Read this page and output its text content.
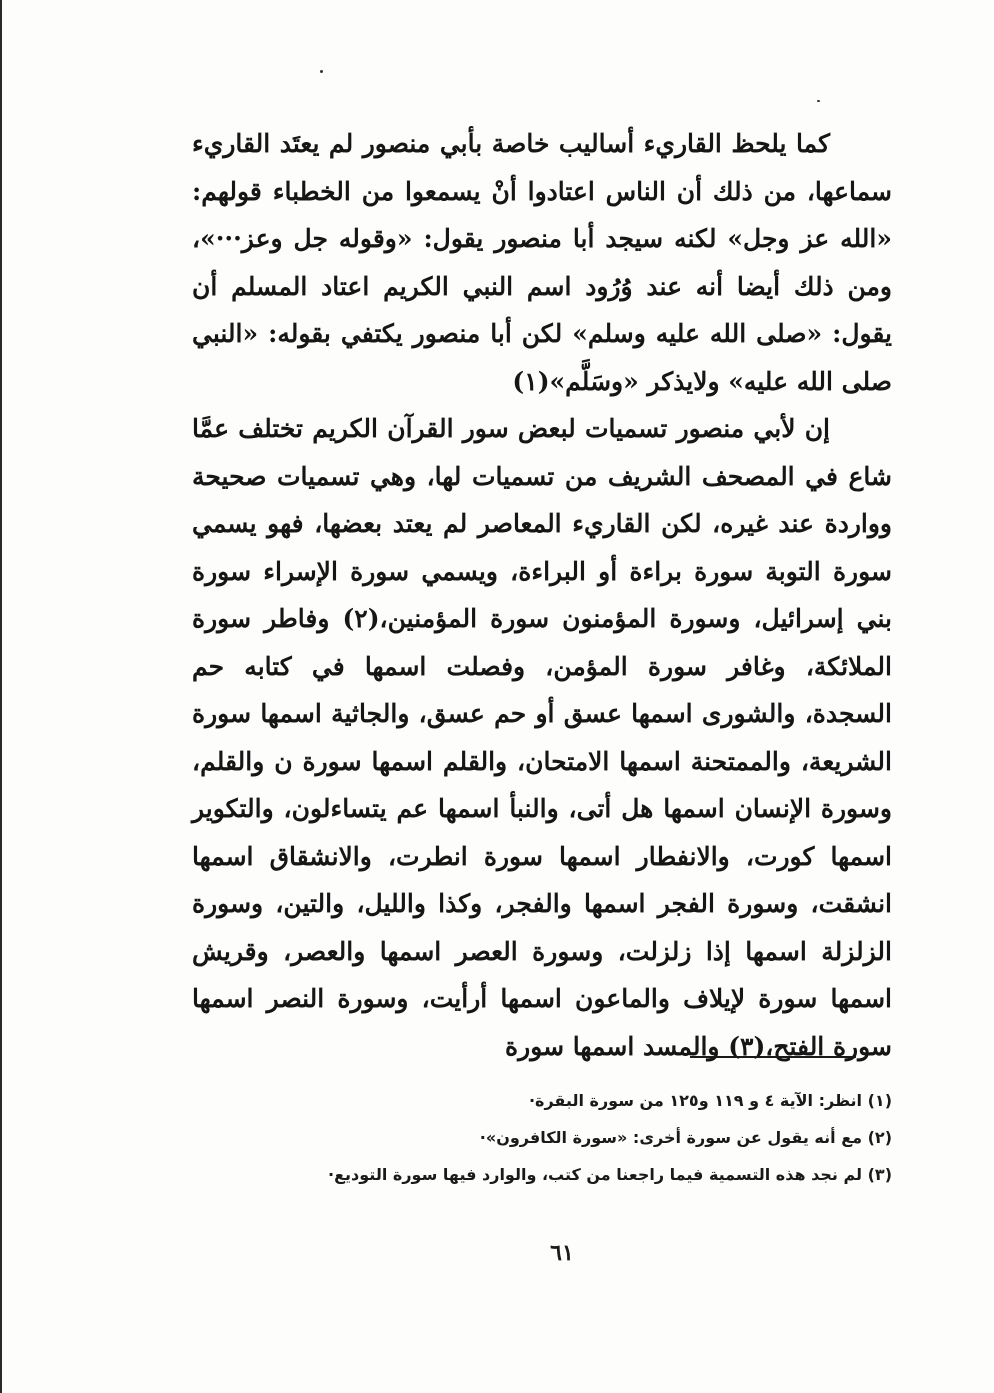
كما يلحظ القاريء أساليب خاصة بأبي منصور لم يعتَد القاريء سماعها، من ذلك أن الناس اعتادوا أنْ يسمعوا من الخطباء قولهم: «الله عز وجل» لكنه سيجد أبا منصور يقول: «وقوله جل وعز···»، ومن ذلك أيضا أنه عند وُرُود اسم النبي الكريم اعتاد المسلم أن يقول: «صلى الله عليه وسلم» لكن أبا منصور يكتفي بقوله: «النبي صلى الله عليه» ولايذكر «وسَلَّم»(١)

إن لأبي منصور تسميات لبعض سور القرآن الكريم تختلف عمَّا شاع في المصحف الشريف من تسميات لها، وهي تسميات صحيحة وواردة عند غيره، لكن القاريء المعاصر لم يعتد بعضها، فهو يسمي سورة التوبة سورة براءة أو البراءة، ويسمي سورة الإسراء سورة بني إسرائيل، وسورة المؤمنون سورة المؤمنين،(٢) وفاطر سورة الملائكة، وغافر سورة المؤمن، وفصلت اسمها في كتابه حم السجدة، والشورى اسمها عسق أو حم عسق، والجاثية اسمها سورة الشريعة، والممتحنة اسمها الامتحان، والقلم اسمها سورة ن والقلم، وسورة الإنسان اسمها هل أتى، والنبأ اسمها عم يتساءلون، والتكوير اسمها كورت، والانفطار اسمها سورة انطرت، والانشقاق اسمها انشقت، وسورة الفجر اسمها والفجر، وكذا والليل، والتين، وسورة الزلزلة اسمها إذا زلزلت، وسورة العصر اسمها والعصر، وقريش اسمها سورة لإيلاف والماعون اسمها أرأيت، وسورة النصر اسمها سورة الفتح،(٣) والمسد اسمها سورة

(١) انظر: الآية ٤ و ١١٩ و١٢٥ من سورة البقرة·
(٢) مع أنه يقول عن سورة أخرى: «سورة الكافرون»·
(٣) لم نجد هذه التسمية فيما راجعنا من كتب، والوارد فيها سورة التوديع·
٦١
